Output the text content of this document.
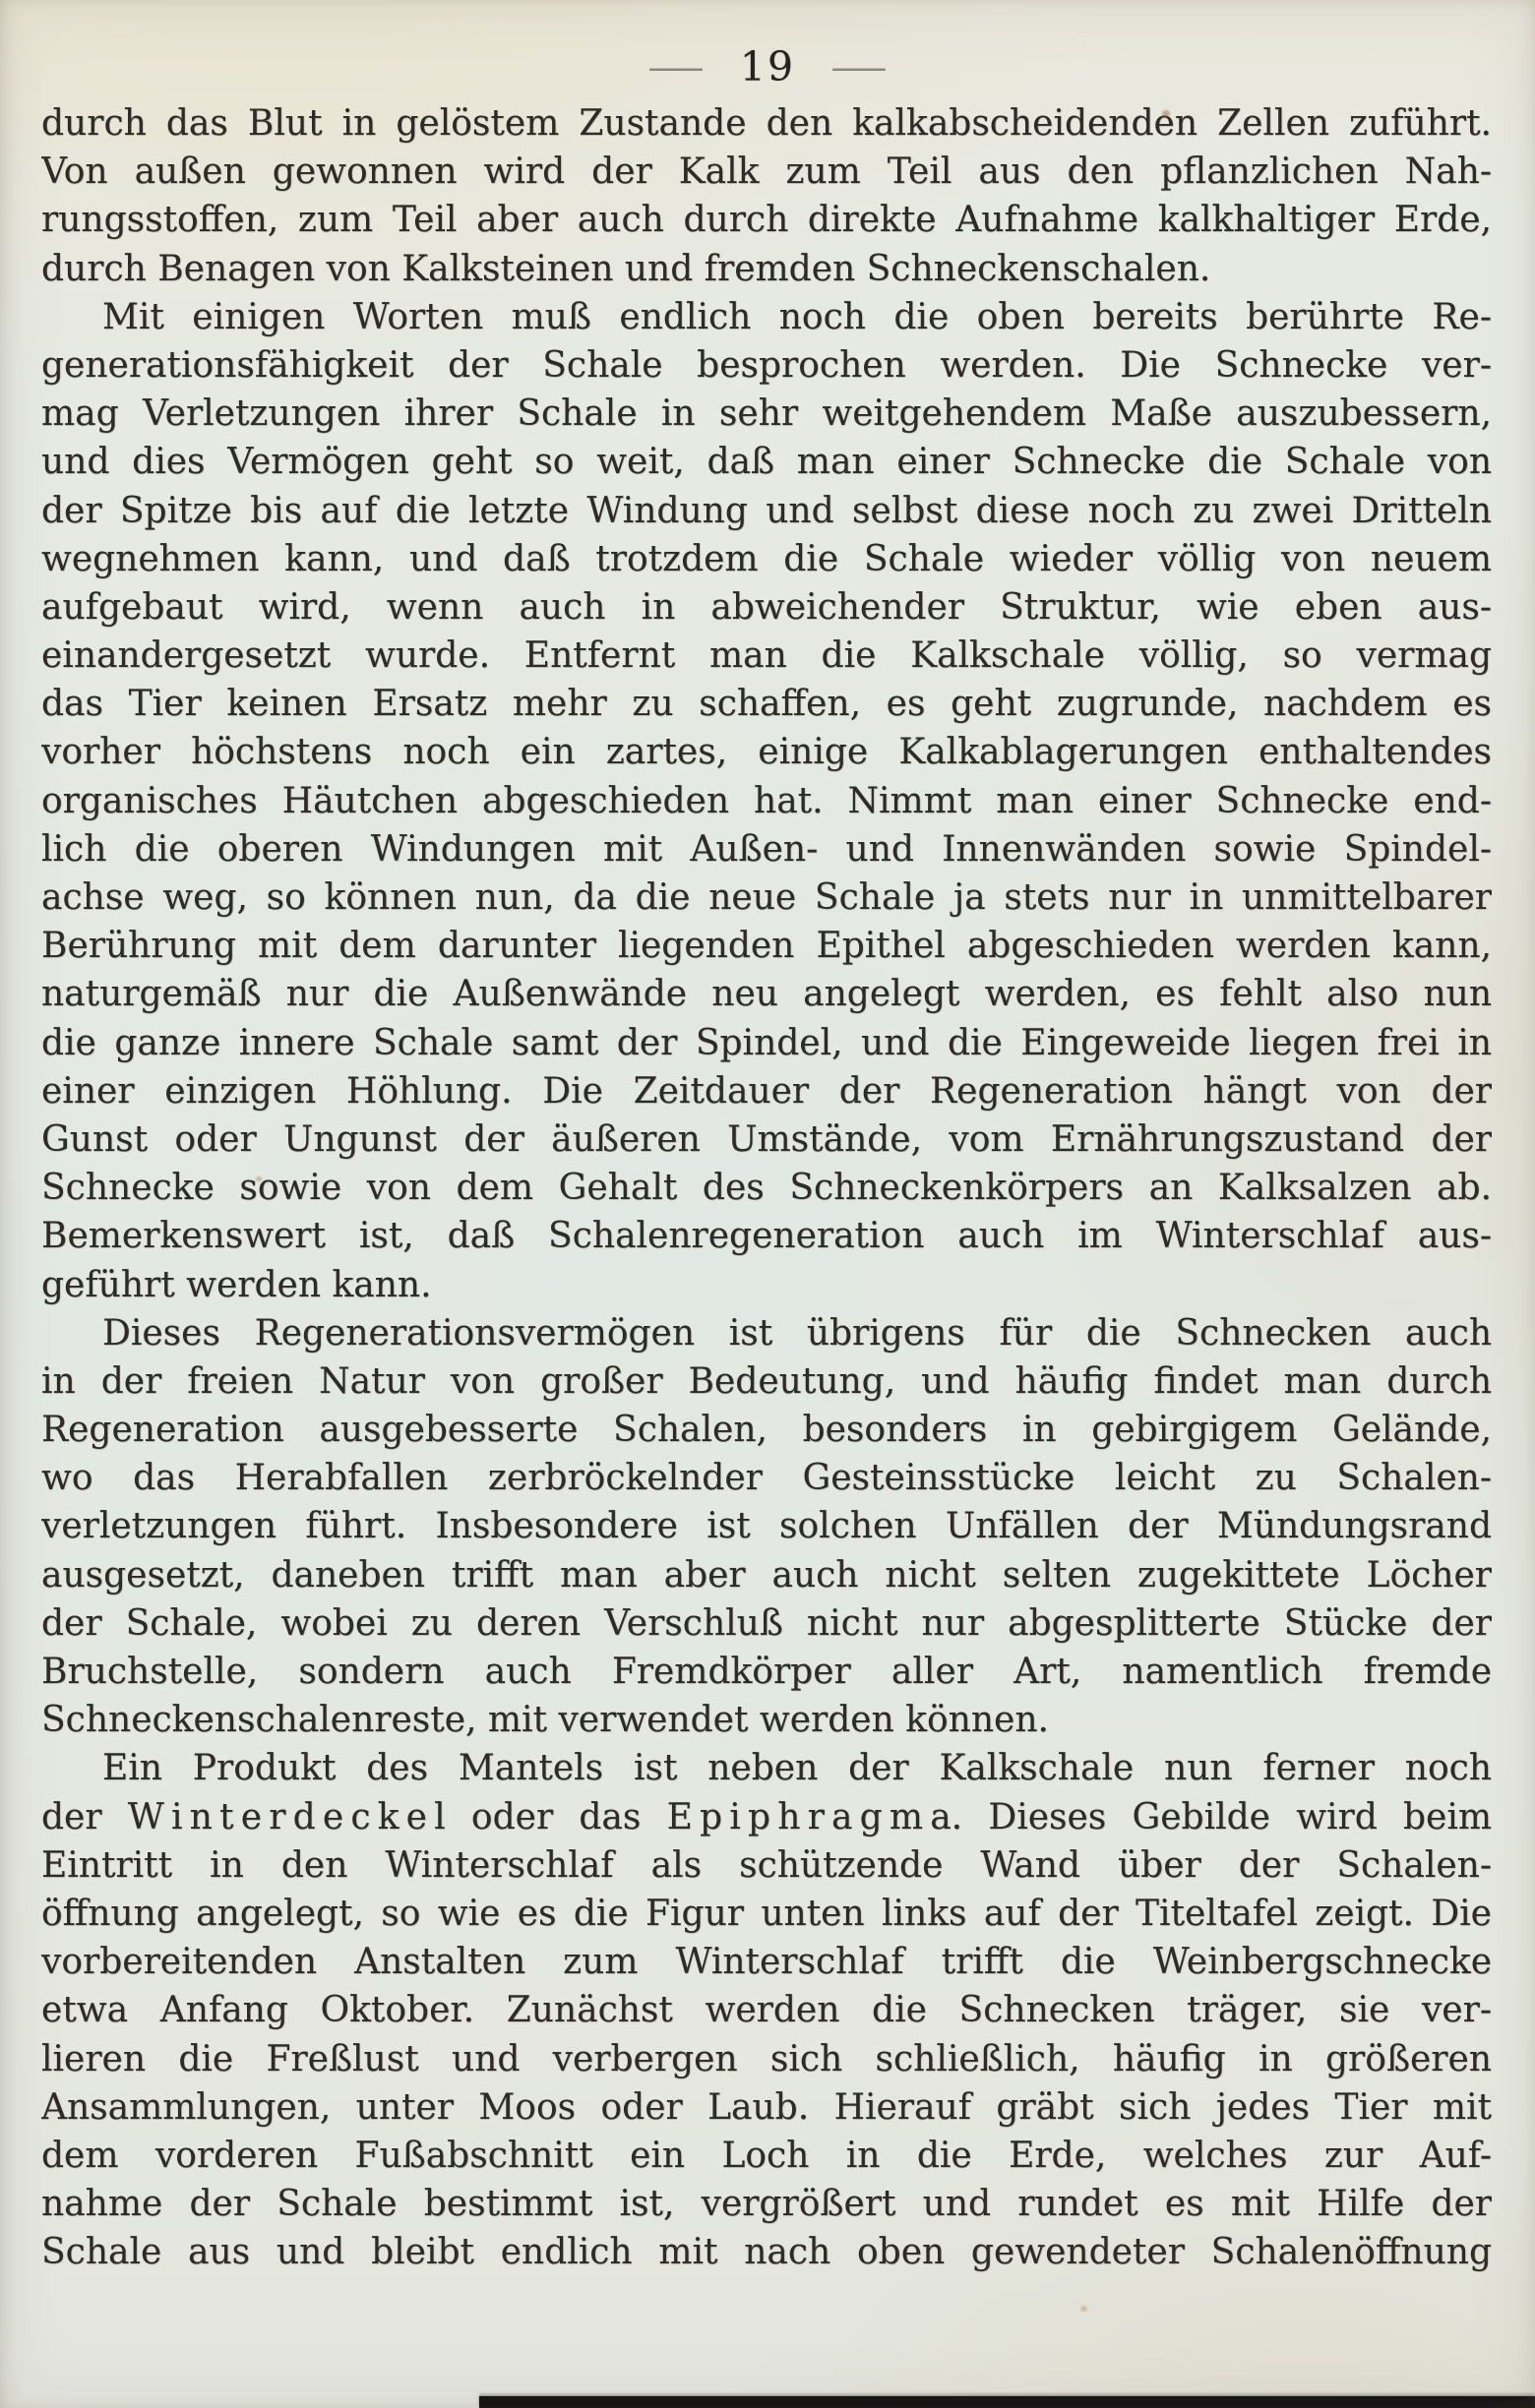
— 19 —
durch das Blut in gelöstem Zustande den kalkabscheidenden Zellen zuführt.
Von außen gewonnen wird der Kalk zum Teil aus den pflanzlichen Nah-
rungsstoffen, zum Teil aber auch durch direkte Aufnahme kalkhaltiger Erde,
durch Benagen von Kalksteinen und fremden Schneckenschalen.
Mit einigen Worten muß endlich noch die oben bereits berührte Re-
generationsfähigkeit der Schale besprochen werden. Die Schnecke ver-
mag Verletzungen ihrer Schale in sehr weitgehendem Maße auszubessern,
und dies Vermögen geht so weit, daß man einer Schnecke die Schale von
der Spitze bis auf die letzte Windung und selbst diese noch zu zwei Dritteln
wegnehmen kann, und daß trotzdem die Schale wieder völlig von neuem
aufgebaut wird, wenn auch in abweichender Struktur, wie eben aus-
einandergesetzt wurde. Entfernt man die Kalkschale völlig, so vermag
das Tier keinen Ersatz mehr zu schaffen, es geht zugrunde, nachdem es
vorher höchstens noch ein zartes, einige Kalkablagerungen enthaltendes
organisches Häutchen abgeschieden hat. Nimmt man einer Schnecke end-
lich die oberen Windungen mit Außen- und Innenwänden sowie Spindel-
achse weg, so können nun, da die neue Schale ja stets nur in unmittelbarer
Berührung mit dem darunter liegenden Epithel abgeschieden werden kann,
naturgemäß nur die Außenwände neu angelegt werden, es fehlt also nun
die ganze innere Schale samt der Spindel, und die Eingeweide liegen frei in
einer einzigen Höhlung. Die Zeitdauer der Regeneration hängt von der
Gunst oder Ungunst der äußeren Umstände, vom Ernährungszustand der
Schnecke sowie von dem Gehalt des Schneckenkörpers an Kalksalzen ab.
Bemerkenswert ist, daß Schalenregeneration auch im Winterschlaf aus-
geführt werden kann.
Dieses Regenerationsvermögen ist übrigens für die Schnecken auch
in der freien Natur von großer Bedeutung, und häufig findet man durch
Regeneration ausgebesserte Schalen, besonders in gebirgigem Gelände,
wo das Herabfallen zerbröckelnder Gesteinsstücke leicht zu Schalen-
verletzungen führt. Insbesondere ist solchen Unfällen der Mündungsrand
ausgesetzt, daneben trifft man aber auch nicht selten zugekittete Löcher
der Schale, wobei zu deren Verschluß nicht nur abgesplitterte Stücke der
Bruchstelle, sondern auch Fremdkörper aller Art, namentlich fremde
Schneckenschalenreste, mit verwendet werden können.
Ein Produkt des Mantels ist neben der Kalkschale nun ferner noch
der W i n t e r d e c k e l oder das E p i p h r a g m a. Dieses Gebilde wird beim
Eintritt in den Winterschlaf als schützende Wand über der Schalen-
öffnung angelegt, so wie es die Figur unten links auf der Titeltafel zeigt. Die
vorbereitenden Anstalten zum Winterschlaf trifft die Weinbergschnecke
etwa Anfang Oktober. Zunächst werden die Schnecken träger, sie ver-
lieren die Freßlust und verbergen sich schließlich, häufig in größeren
Ansammlungen, unter Moos oder Laub. Hierauf gräbt sich jedes Tier mit
dem vorderen Fußabschnitt ein Loch in die Erde, welches zur Auf-
nahme der Schale bestimmt ist, vergrößert und rundet es mit Hilfe der
Schale aus und bleibt endlich mit nach oben gewendeter Schalenöffnung
